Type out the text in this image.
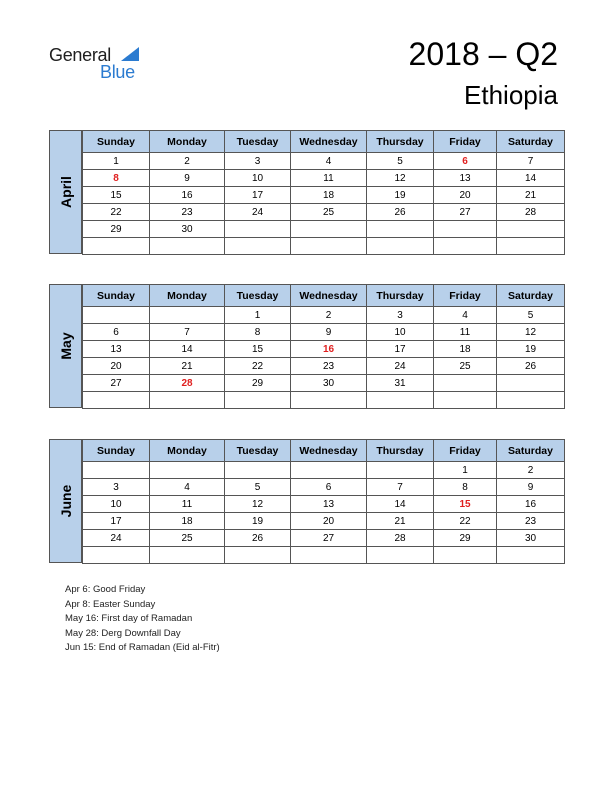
General
Blue	2018 – Q2
Ethiopia
April
Sunday	Monday	Tuesday	Wednesday	Thursday	Friday	Saturday
1	2	3	4	5	6	7
8	9	10	11	12	13	14
15	16	17	18	19	20	21
22	23	24	25	26	27	28
29	30					

May
Sunday	Monday	Tuesday	Wednesday	Thursday	Friday	Saturday
		1	2	3	4	5
6	7	8	9	10	11	12
13	14	15	16	17	18	19
20	21	22	23	24	25	26
27	28	29	30	31		

June
Sunday	Monday	Tuesday	Wednesday	Thursday	Friday	Saturday
					1	2
3	4	5	6	7	8	9
10	11	12	13	14	15	16
17	18	19	20	21	22	23
24	25	26	27	28	29	30

Apr 6: Good Friday
Apr 8: Easter Sunday
May 16: First day of Ramadan
May 28: Derg Downfall Day
Jun 15: End of Ramadan (Eid al-Fitr)
